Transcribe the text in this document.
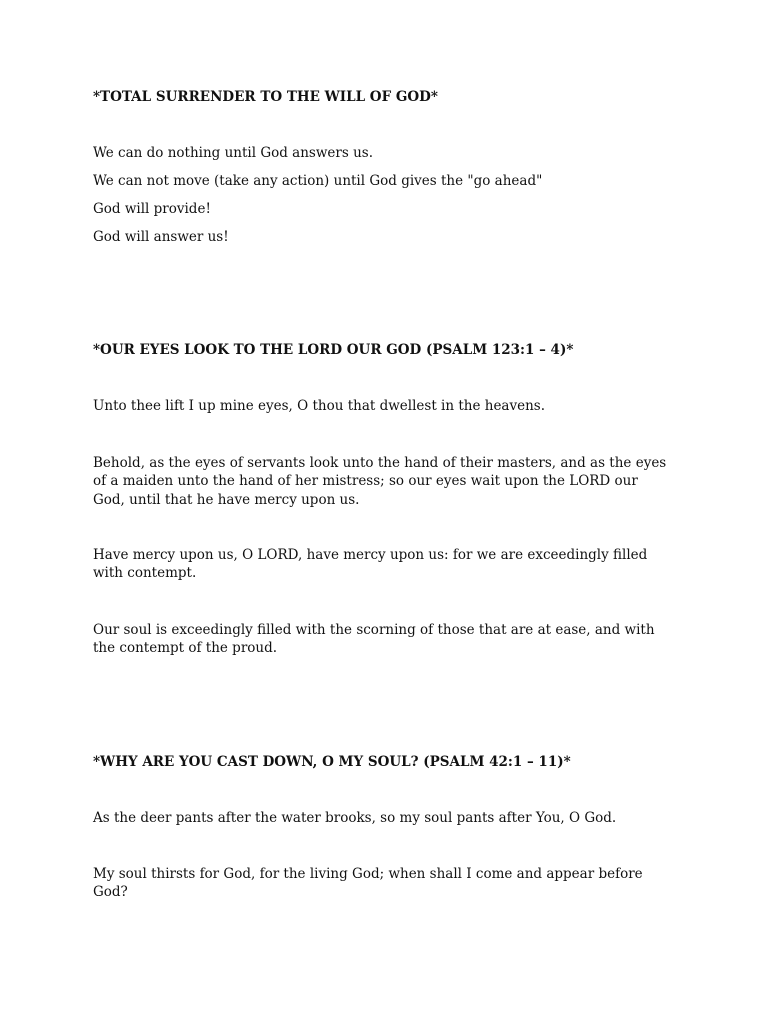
*TOTAL SURRENDER TO THE WILL OF GOD*
We can do nothing until God answers us.
We can not move (take any action) until God gives the "go ahead"
God will provide!
God will answer us!
*OUR EYES LOOK TO THE LORD OUR GOD (PSALM 123:1 – 4)*
Unto thee lift I up mine eyes, O thou that dwellest in the heavens.
Behold, as the eyes of servants look unto the hand of their masters, and as the eyes of a maiden unto the hand of her mistress; so our eyes wait upon the LORD our God, until that he have mercy upon us.
Have mercy upon us, O LORD, have mercy upon us: for we are exceedingly filled with contempt.
Our soul is exceedingly filled with the scorning of those that are at ease, and with the contempt of the proud.
*WHY ARE YOU CAST DOWN, O MY SOUL? (PSALM 42:1 – 11)*
As the deer pants after the water brooks, so my soul pants after You, O God.
My soul thirsts for God, for the living God; when shall I come and appear before God?
